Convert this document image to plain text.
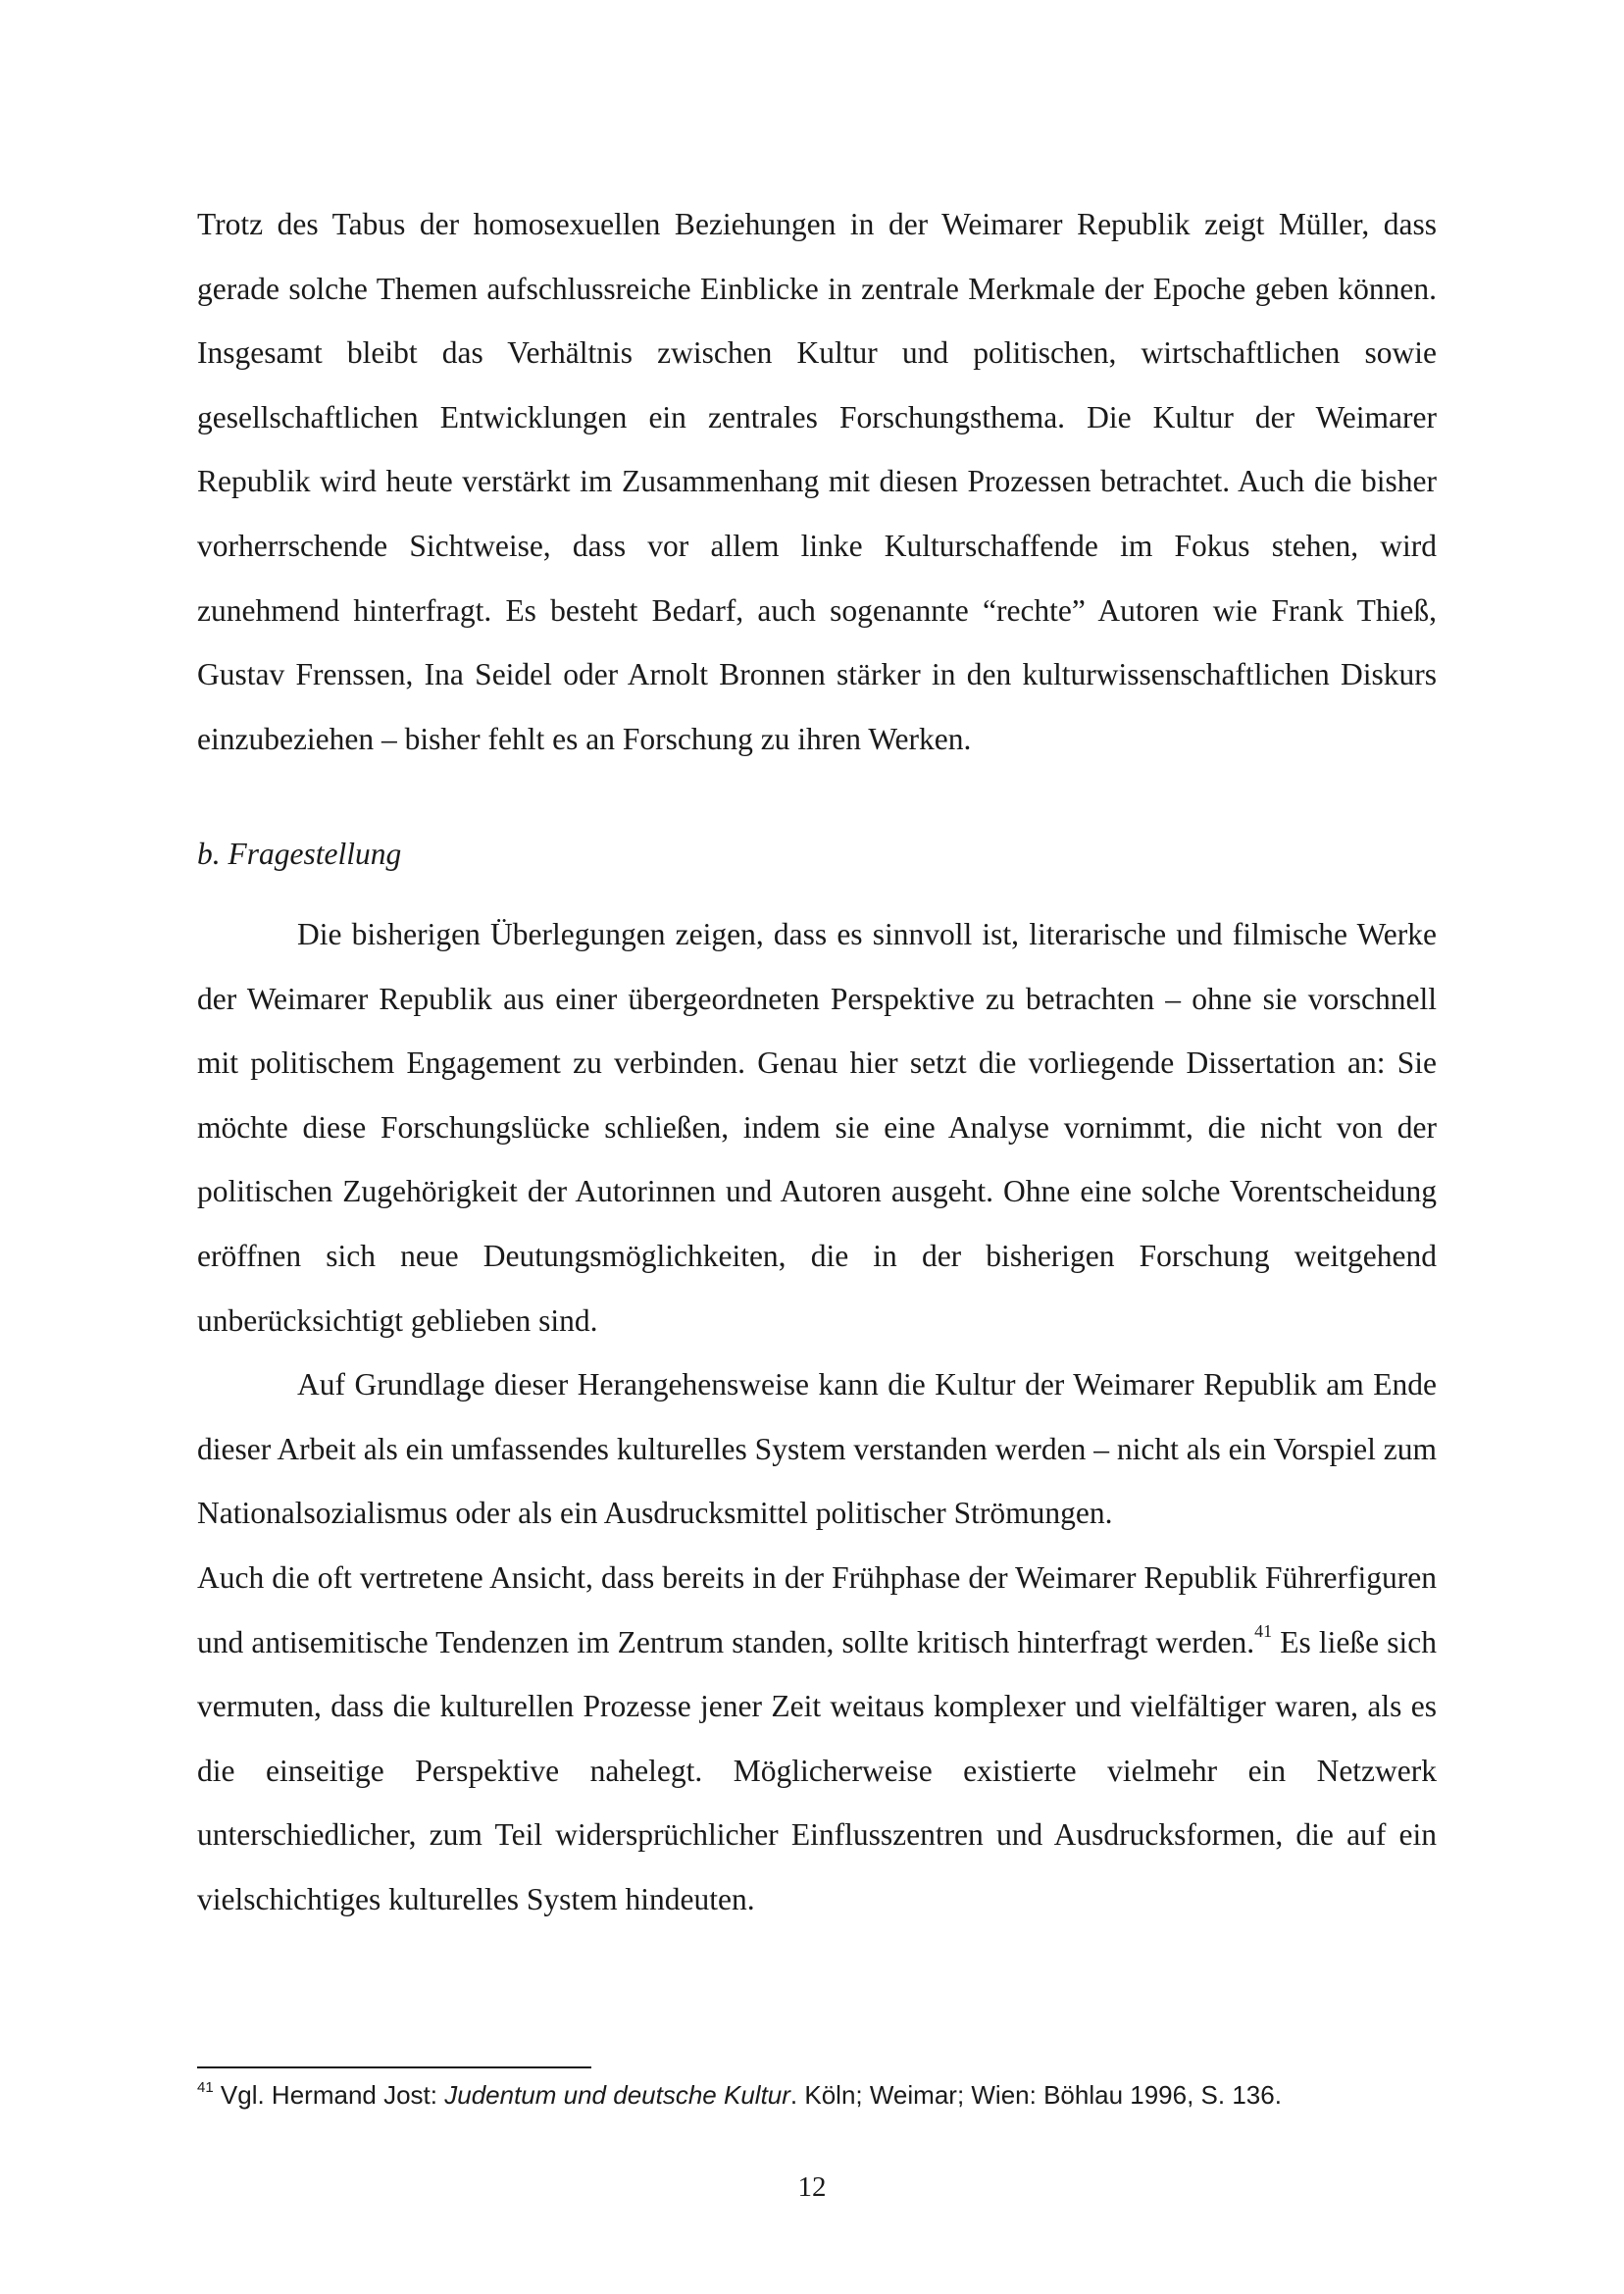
Trotz des Tabus der homosexuellen Beziehungen in der Weimarer Republik zeigt Müller, dass gerade solche Themen aufschlussreiche Einblicke in zentrale Merkmale der Epoche geben können. Insgesamt bleibt das Verhältnis zwischen Kultur und politischen, wirtschaftlichen sowie gesellschaftlichen Entwicklungen ein zentrales Forschungsthema. Die Kultur der Weimarer Republik wird heute verstärkt im Zusammenhang mit diesen Prozessen betrachtet. Auch die bisher vorherrschende Sichtweise, dass vor allem linke Kulturschaffende im Fokus stehen, wird zunehmend hinterfragt. Es besteht Bedarf, auch sogenannte “rechte” Autoren wie Frank Thieß, Gustav Frenssen, Ina Seidel oder Arnolt Bronnen stärker in den kulturwissenschaftlichen Diskurs einzubeziehen – bisher fehlt es an Forschung zu ihren Werken.

b. Fragestellung

Die bisherigen Überlegungen zeigen, dass es sinnvoll ist, literarische und filmische Werke der Weimarer Republik aus einer übergeordneten Perspektive zu betrachten – ohne sie vorschnell mit politischem Engagement zu verbinden. Genau hier setzt die vorliegende Dissertation an: Sie möchte diese Forschungslücke schließen, indem sie eine Analyse vornimmt, die nicht von der politischen Zugehörigkeit der Autorinnen und Autoren ausgeht. Ohne eine solche Vorentscheidung eröffnen sich neue Deutungsmöglichkeiten, die in der bisherigen Forschung weitgehend unberücksichtigt geblieben sind.

Auf Grundlage dieser Herangehensweise kann die Kultur der Weimarer Republik am Ende dieser Arbeit als ein umfassendes kulturelles System verstanden werden – nicht als ein Vorspiel zum Nationalsozialismus oder als ein Ausdrucksmittel politischer Strömungen.

Auch die oft vertretene Ansicht, dass bereits in der Frühphase der Weimarer Republik Führerfiguren und antisemitische Tendenzen im Zentrum standen, sollte kritisch hinterfragt werden.$^{41}$ Es ließe sich vermuten, dass die kulturellen Prozesse jener Zeit weitaus komplexer und vielfältiger waren, als es die einseitige Perspektive nahelegt. Möglicherweise existierte vielmehr ein Netzwerk unterschiedlicher, zum Teil widersprüchlicher Einflusszentren und Ausdrucksformen, die auf ein vielschichtiges kulturelles System hindeuten.

$^{41}$ Vgl. Hermand Jost: Judentum und deutsche Kultur. Köln; Weimar; Wien: Böhlau 1996, S. 136.

12
